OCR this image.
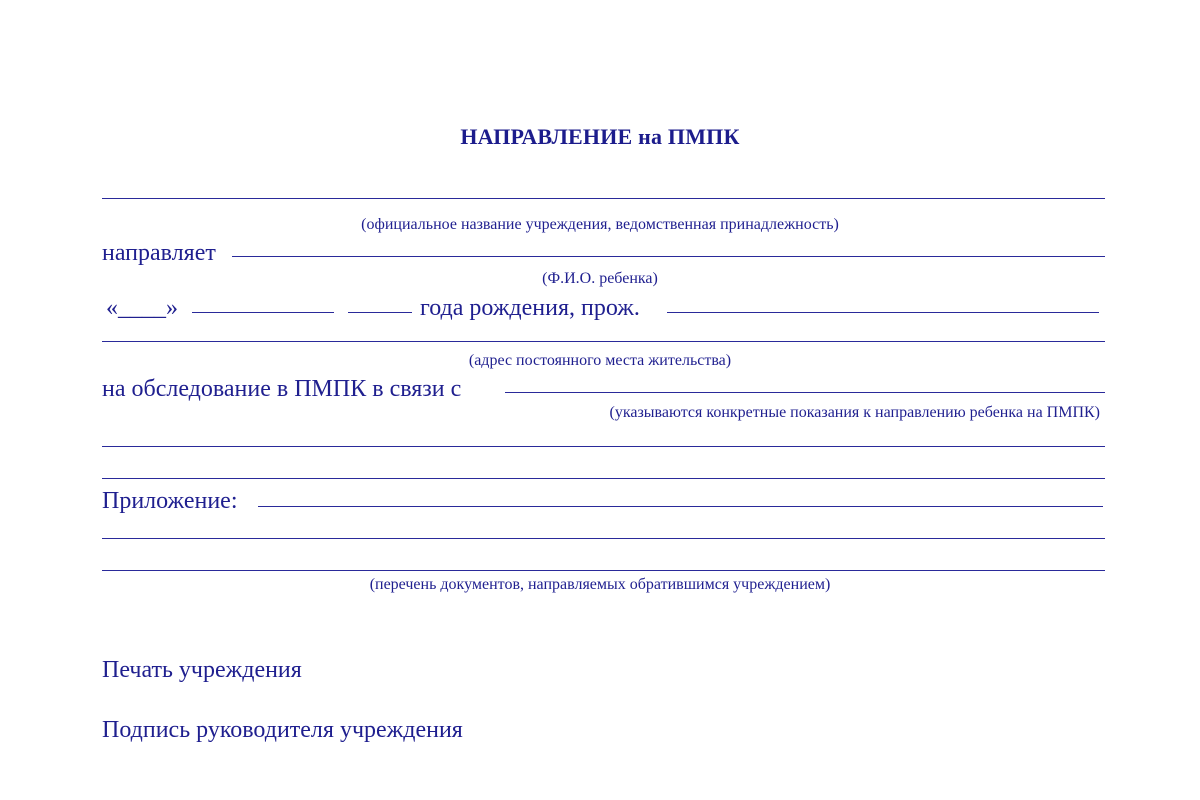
НАПРАВЛЕНИЕ на ПМПК
(официальное название учреждения, ведомственная принадлежность)
направляет
(Ф.И.О. ребенка)
«____»	года рождения, прож.
(адрес постоянного места жительства)
на обследование в ПМПК в связи с
(указываются конкретные показания к направлению ребенка на ПМПК)
Приложение:
(перечень документов, направляемых обратившимся учреждением)
Печать учреждения
Подпись руководителя учреждения
